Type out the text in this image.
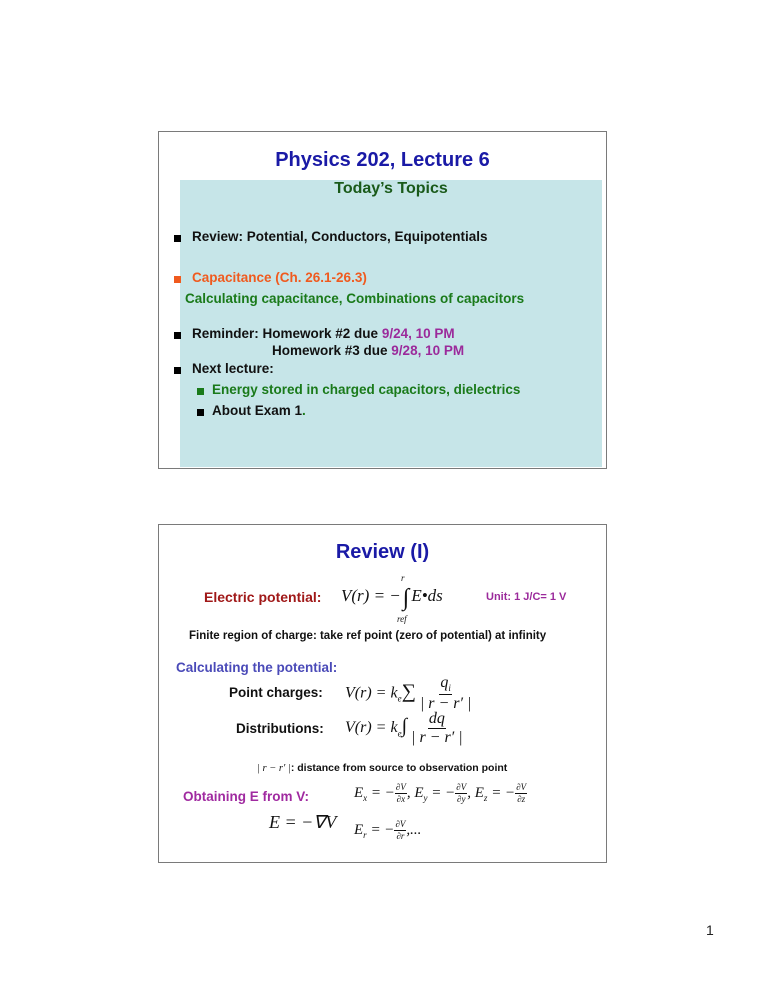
Physics 202, Lecture 6
Today’s Topics
Review: Potential, Conductors, Equipotentials
Capacitance (Ch. 26.1-26.3)
Calculating capacitance, Combinations of capacitors
Reminder: Homework #2 due 9/24, 10 PM
Homework #3 due 9/28, 10 PM
Next lecture:
Energy stored in charged capacitors, dielectrics
About Exam 1.
Review (I)
Electric potential: V(r) = −∫ E•ds
r
ref
Unit: 1 J/C= 1 V
Finite region of charge: take ref point (zero of potential) at infinity
Calculating the potential:
Point charges: $V(r) = k_e\sum \frac{q_i}{| r - r' |}$
Distributions: $V(r) = k_e\int \frac{dq}{| r - r' |}$
| r − r′ |: distance from source to observation point
Obtaining E from V:
E = −∇V
$E_x$ = − $\frac{\partial V}{\partial x}$ , $E_y$ = − $\frac{\partial V}{\partial y}$ , $E_z$ = − $\frac{\partial V}{\partial z}$
$E_r$ = − $\frac{\partial V}{\partial r}$ ,...
1
